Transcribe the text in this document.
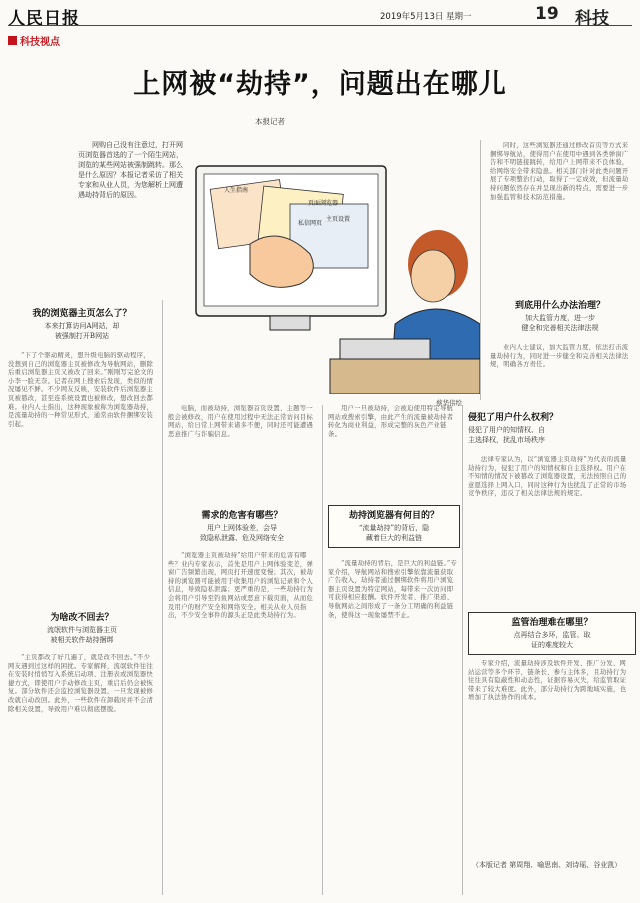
人民日报	2019年5月13日 星期一	19 科技
科技视点
上网被“劫持”，问题出在哪儿
本报记者
网购自己没有注意过，打开网页浏览器首选的了一个陌生网站，浏览的某些网站被强制跳转。那么是什么原因？本报记者采访了相关专家和从业人员，为您解析上网遭遇劫持背后的原因。
人生指南
页面浏览器
私信网页
主页设置
蔡华伟绘
同时，这些浏览器还通过修改首页等方式来捆绑导航站，使得用户在使用中遇到各类弹窗广告和不明链接跳转，给用户上网带来不良体验，给网络安全带来隐患。相关部门针对此类问题开展了专项整治行动，取得了一定成效，但流量劫持问题依然存在并呈现出新的特点，需要进一步加强监管和技术防范措施。
我的浏览器主页怎么了？
本来打算访问A网站，却
被强制打开B网站
“下了个驱动精灵，想升级电脑的驱动程序，没想到自己的浏览器主页被修改为导航网站，删除后重启浏览器主页又被改了回来。”刚刚写完论文的小李一脸无奈。记者在网上搜索后发现，类似的情况屡见不鲜。不少网友反映，安装软件后浏览器主页被篡改，甚至连系统设置也被修改，想改回去都难。业内人士指出，这种现象被称为浏览器劫持，是流量劫持的一种常见形式，通常由软件捆绑安装引起。
为啥改不回去？
流氓软件与浏览器主页
被相关软件劫持捆绑
“主页都改了好几遍了，就是改不回去。”不少网友遇到过这样的困扰。专家解释，流氓软件往往在安装时悄悄写入系统启动项、注册表或浏览器快捷方式，即使用户手动修改主页，重启后仍会被恢复。部分软件还会监控浏览器设置，一旦发现被修改就自动改回。此外，一些软件在卸载时并不会清除相关设置，导致用户难以彻底摆脱。
电脑，而被劫持，浏览器首页设置、主题等一般会被修改，用户在使用过程中无法正常访问目标网站，给日常上网带来诸多不便，同时还可能遭遇恶意推广与诈骗信息。
需求的危害有哪些？
用户上网体验差，会导
致隐私泄露、危及网络安全
“浏览器主页被劫持”给用户带来的危害有哪些？业内专家表示，首先是用户上网体验变差，弹窗广告频繁出现，网页打开速度变慢；其次，被劫持的浏览器可能被用于收集用户的浏览记录和个人信息，导致隐私泄露；更严重的是，一些劫持行为会将用户引导至钓鱼网站或恶意下载页面，从而危及用户的财产安全和网络安全。相关从业人员指出，不少安全事件的源头正是此类劫持行为。
用户一旦被劫持，会被迫使用特定导航网站或搜索引擎，由此产生的流量被劫持者转化为商业利益，形成完整的灰色产业链条。
劫持浏览器有何目的？
“流量劫持”的背后，隐
藏着巨大的利益链
“流量劫持的背后，是巨大的利益链。”专家介绍，导航网站和搜索引擎依靠流量获取广告收入，劫持者通过捆绑软件将用户浏览器主页设置为特定网站，每带来一次访问即可获得相应报酬。软件开发者、推广渠道、导航网站之间形成了一条分工明确的利益链条，使得这一现象屡禁不止。
侵犯了用户什么权利？
侵犯了用户的知情权、自
主选择权，扰乱市场秩序
法律专家认为，以“浏览器主页劫持”为代表的流量劫持行为，侵犯了用户的知情权和自主选择权。用户在不知情的情况下被篡改了浏览器设置，无法按照自己的意愿选择上网入口，同时这种行为也扰乱了正常的市场竞争秩序，违反了相关法律法规的规定。
监管治理难在哪里？
点再结合多环，监管、取
证的难度较大
专家介绍，流量劫持涉及软件开发、推广分发、网站运营等多个环节，链条长、参与主体多，且劫持行为往往具有隐蔽性和动态性，证据容易灭失，给监管取证带来了较大难度。此外，部分劫持行为跨地域实施，也增加了执法协作的成本。
到底用什么办法治理？
加大监管力度，进一步
健全和完善相关法律法规
业内人士建议，加大监管力度，依法打击流量劫持行为，同时进一步健全和完善相关法律法规，明确各方责任。
（本版记者 第周翔、喻思南、刘诗瑶、谷业凯）
